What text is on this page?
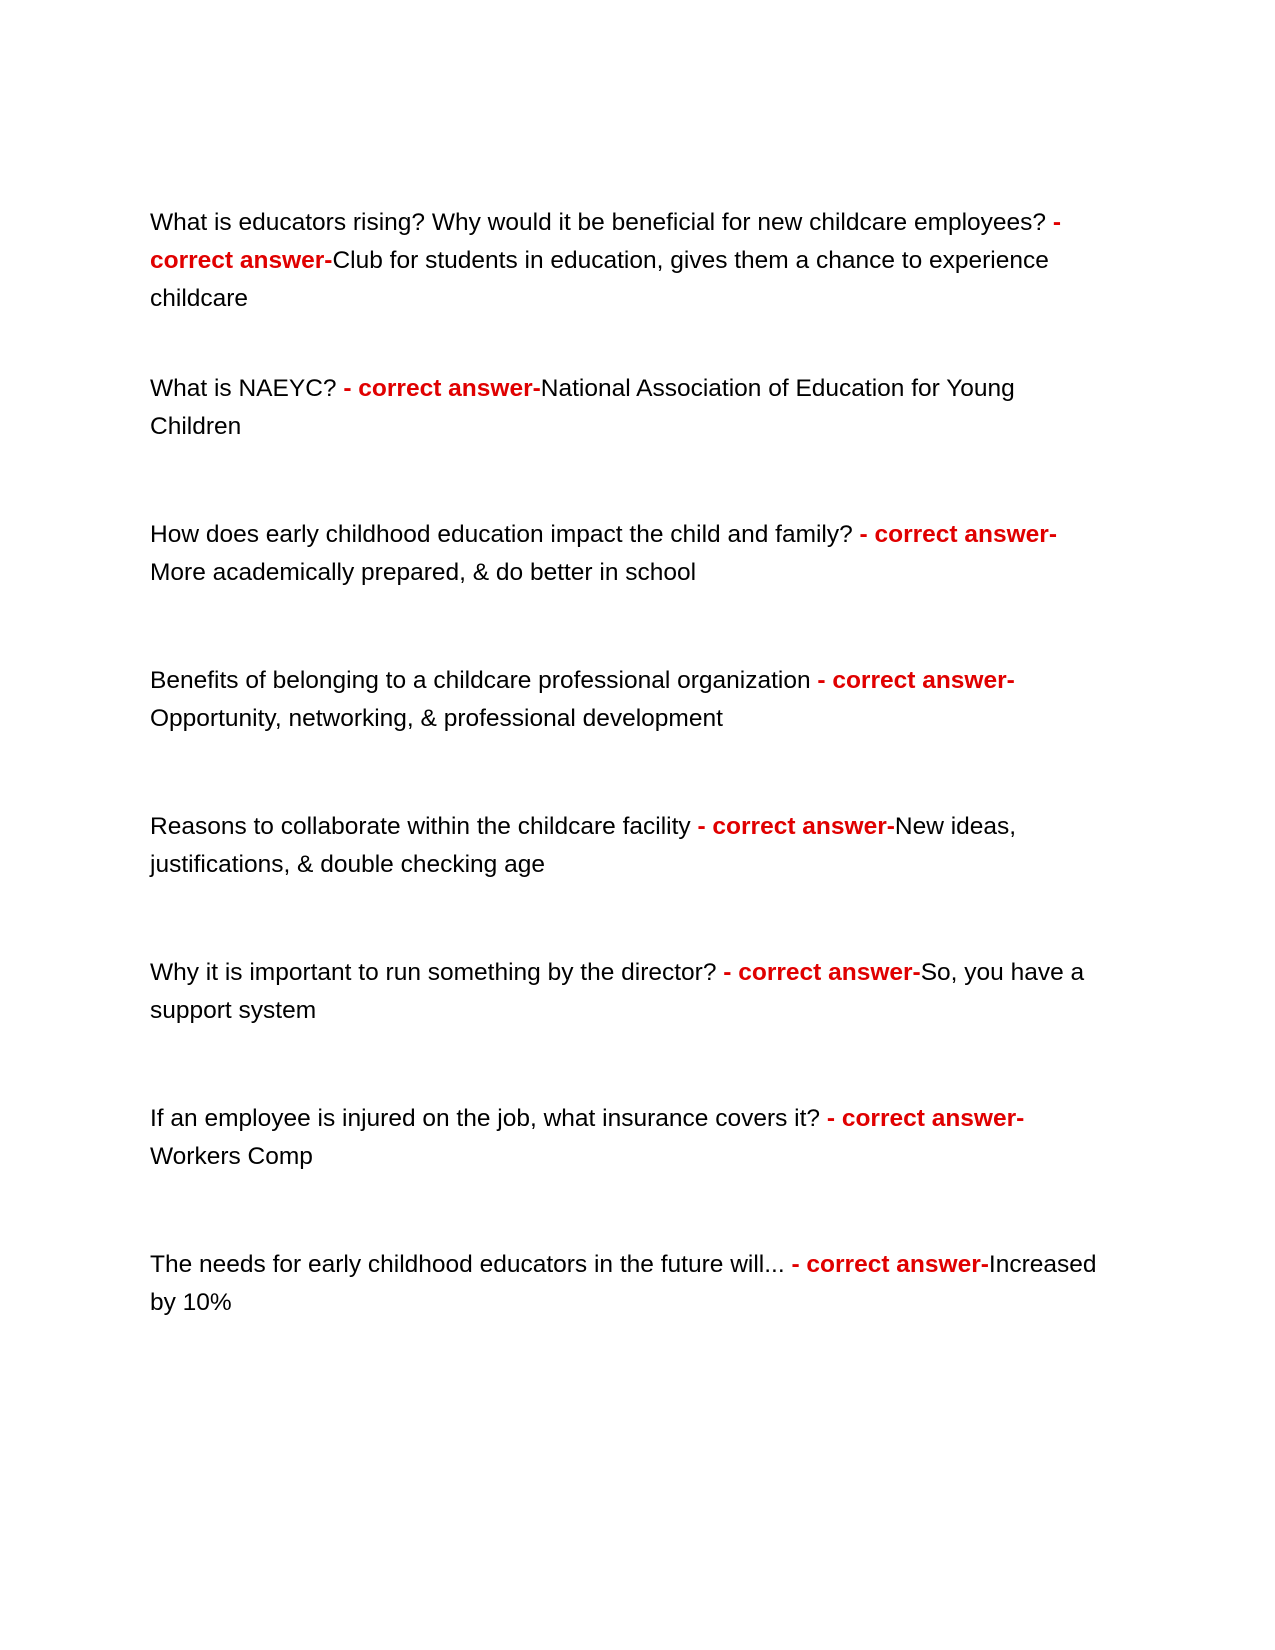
What is educators rising? Why would it be beneficial for new childcare employees? - correct answer-Club for students in education, gives them a chance to experience childcare

What is NAEYC? - correct answer-National Association of Education for Young Children

How does early childhood education impact the child and family? - correct answer-More academically prepared, & do better in school

Benefits of belonging to a childcare professional organization - correct answer-Opportunity, networking, & professional development

Reasons to collaborate within the childcare facility - correct answer-New ideas, justifications, & double checking age

Why it is important to run something by the director? - correct answer-So, you have a support system

If an employee is injured on the job, what insurance covers it? - correct answer-Workers Comp

The needs for early childhood educators in the future will... - correct answer-Increased by 10%
